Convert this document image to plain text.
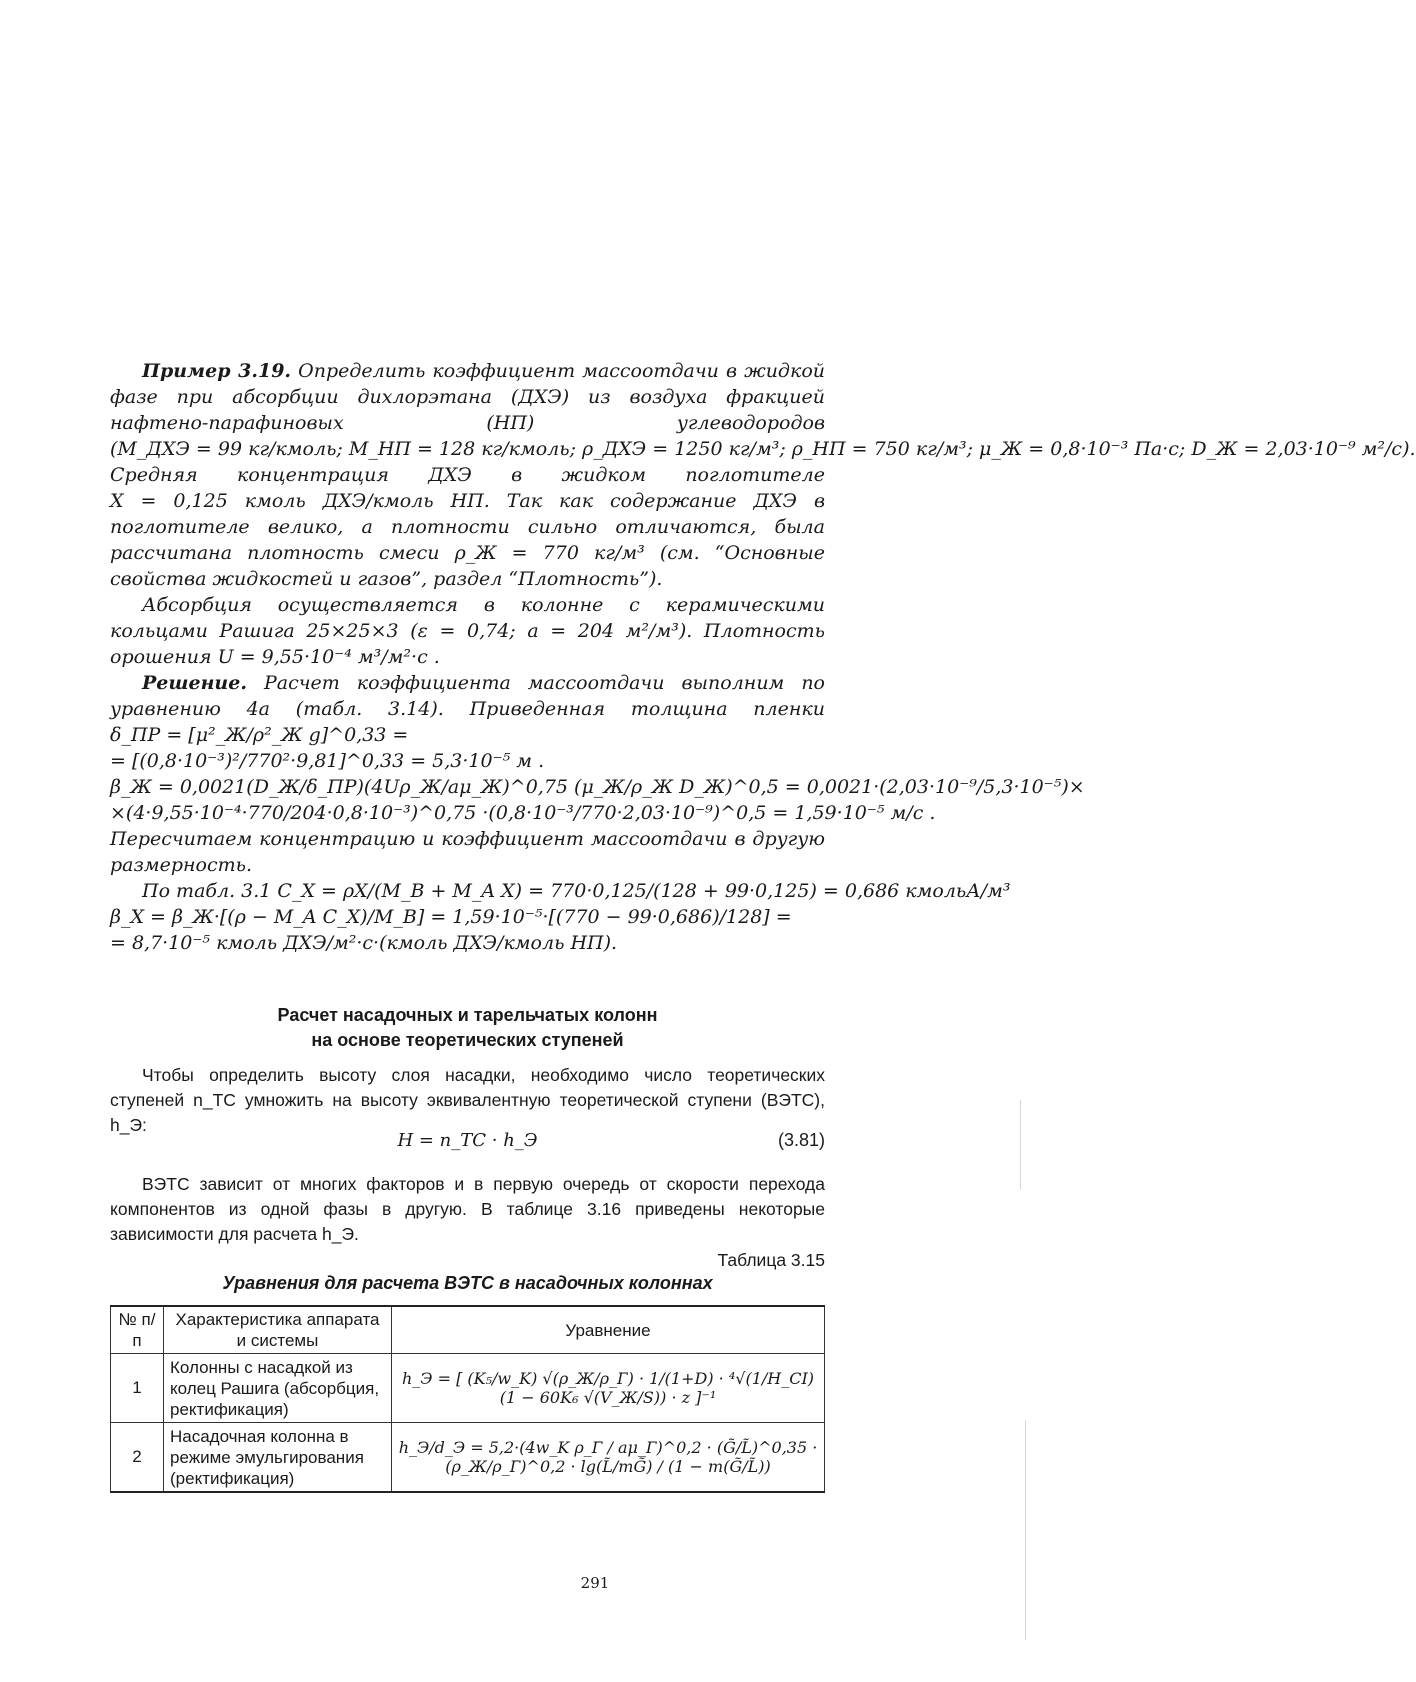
Пример 3.19. Определить коэффициент массоотдачи в жидкой фазе при абсорбции дихлорэтана (ДХЭ) из воздуха фракцией нафтено-парафиновых (НП) углеводородов (M_ДХЭ = 99 кг/кмоль; M_НП = 128 кг/кмоль; ρ_ДХЭ = 1250 кг/м³; ρ_НП = 750 кг/м³; μ_Ж = 0,8·10⁻³ Па·с; D_Ж = 2,03·10⁻⁹ м²/с). Средняя концентрация ДХЭ в жидком поглотителе X = 0,125 кмоль ДХЭ/кмоль НП. Так как содержание ДХЭ в поглотителе велико, а плотности сильно отличаются, была рассчитана плотность смеси ρ_Ж = 770 кг/м³ (см. “Основные свойства жидкостей и газов”, раздел “Плотность”).

Абсорбция осуществляется в колонне с керамическими кольцами Рашига 25×25×3 (ε = 0,74; a = 204 м²/м³). Плотность орошения U = 9,55·10⁻⁴ м³/м²·с .

Решение. Расчет коэффициента массоотдачи выполним по уравнению 4а (табл. 3.14). Приведенная толщина пленки δ_ПР = [μ²_Ж/ρ²_Ж g]^0,33 =

= [(0,8·10⁻³)²/770²·9,81]^0,33 = 5,3·10⁻⁵ м .

β_Ж = 0,0021(D_Ж/δ_ПР)(4Uρ_Ж/aμ_Ж)^0,75 (μ_Ж/ρ_Ж D_Ж)^0,5 = 0,0021·(2,03·10⁻⁹/5,3·10⁻⁵)×

×(4·9,55·10⁻⁴·770/204·0,8·10⁻³)^0,75 ·(0,8·10⁻³/770·2,03·10⁻⁹)^0,5 = 1,59·10⁻⁵ м/с . Пересчитаем концентрацию и коэффициент массоотдачи в другую размерность.

По табл. 3.1 C_X = ρX/(M_B + M_A X) = 770·0,125/(128 + 99·0,125) = 0,686 кмольА/м³

β_X = β_Ж·[(ρ − M_A C_X)/M_B] = 1,59·10⁻⁵·[(770 − 99·0,686)/128] =

= 8,7·10⁻⁵ кмоль ДХЭ/м²·с·(кмоль ДХЭ/кмоль НП).

Расчет насадочных и тарельчатых колонн
на основе теоретических ступеней

Чтобы определить высоту слоя насадки, необходимо число теоретических ступеней n_ТС умножить на высоту эквивалентную теоретической ступени (ВЭТС), h_Э:

H = n_ТС · h_Э	(3.81)

ВЭТС зависит от многих факторов и в первую очередь от скорости перехода компонентов из одной фазы в другую. В таблице 3.16 приведены некоторые зависимости для расчета h_Э.

Таблица 3.15
Уравнения для расчета ВЭТС в насадочных колоннах
№ п/п	Характеристика аппарата и системы	Уравнение
1	Колонны с насадкой из колец Рашига (абсорбция, ректификация)	h_Э = [ (K₅/w_K) √(ρ_Ж/ρ_Г) · 1/(1+D) · ⁴√(1/H_CI) (1 − 60K₆ √(V_Ж/S)) · z ]⁻¹
2	Насадочная колонна в режиме эмульгирования (ректификация)	h_Э/d_Э = 5,2·(4w_K ρ_Г / aμ_Г)^0,2 · (G̃/L̃)^0,35 · (ρ_Ж/ρ_Г)^0,2 · lg(L̃/mG̃) / (1 − m(G̃/L̃))
291
